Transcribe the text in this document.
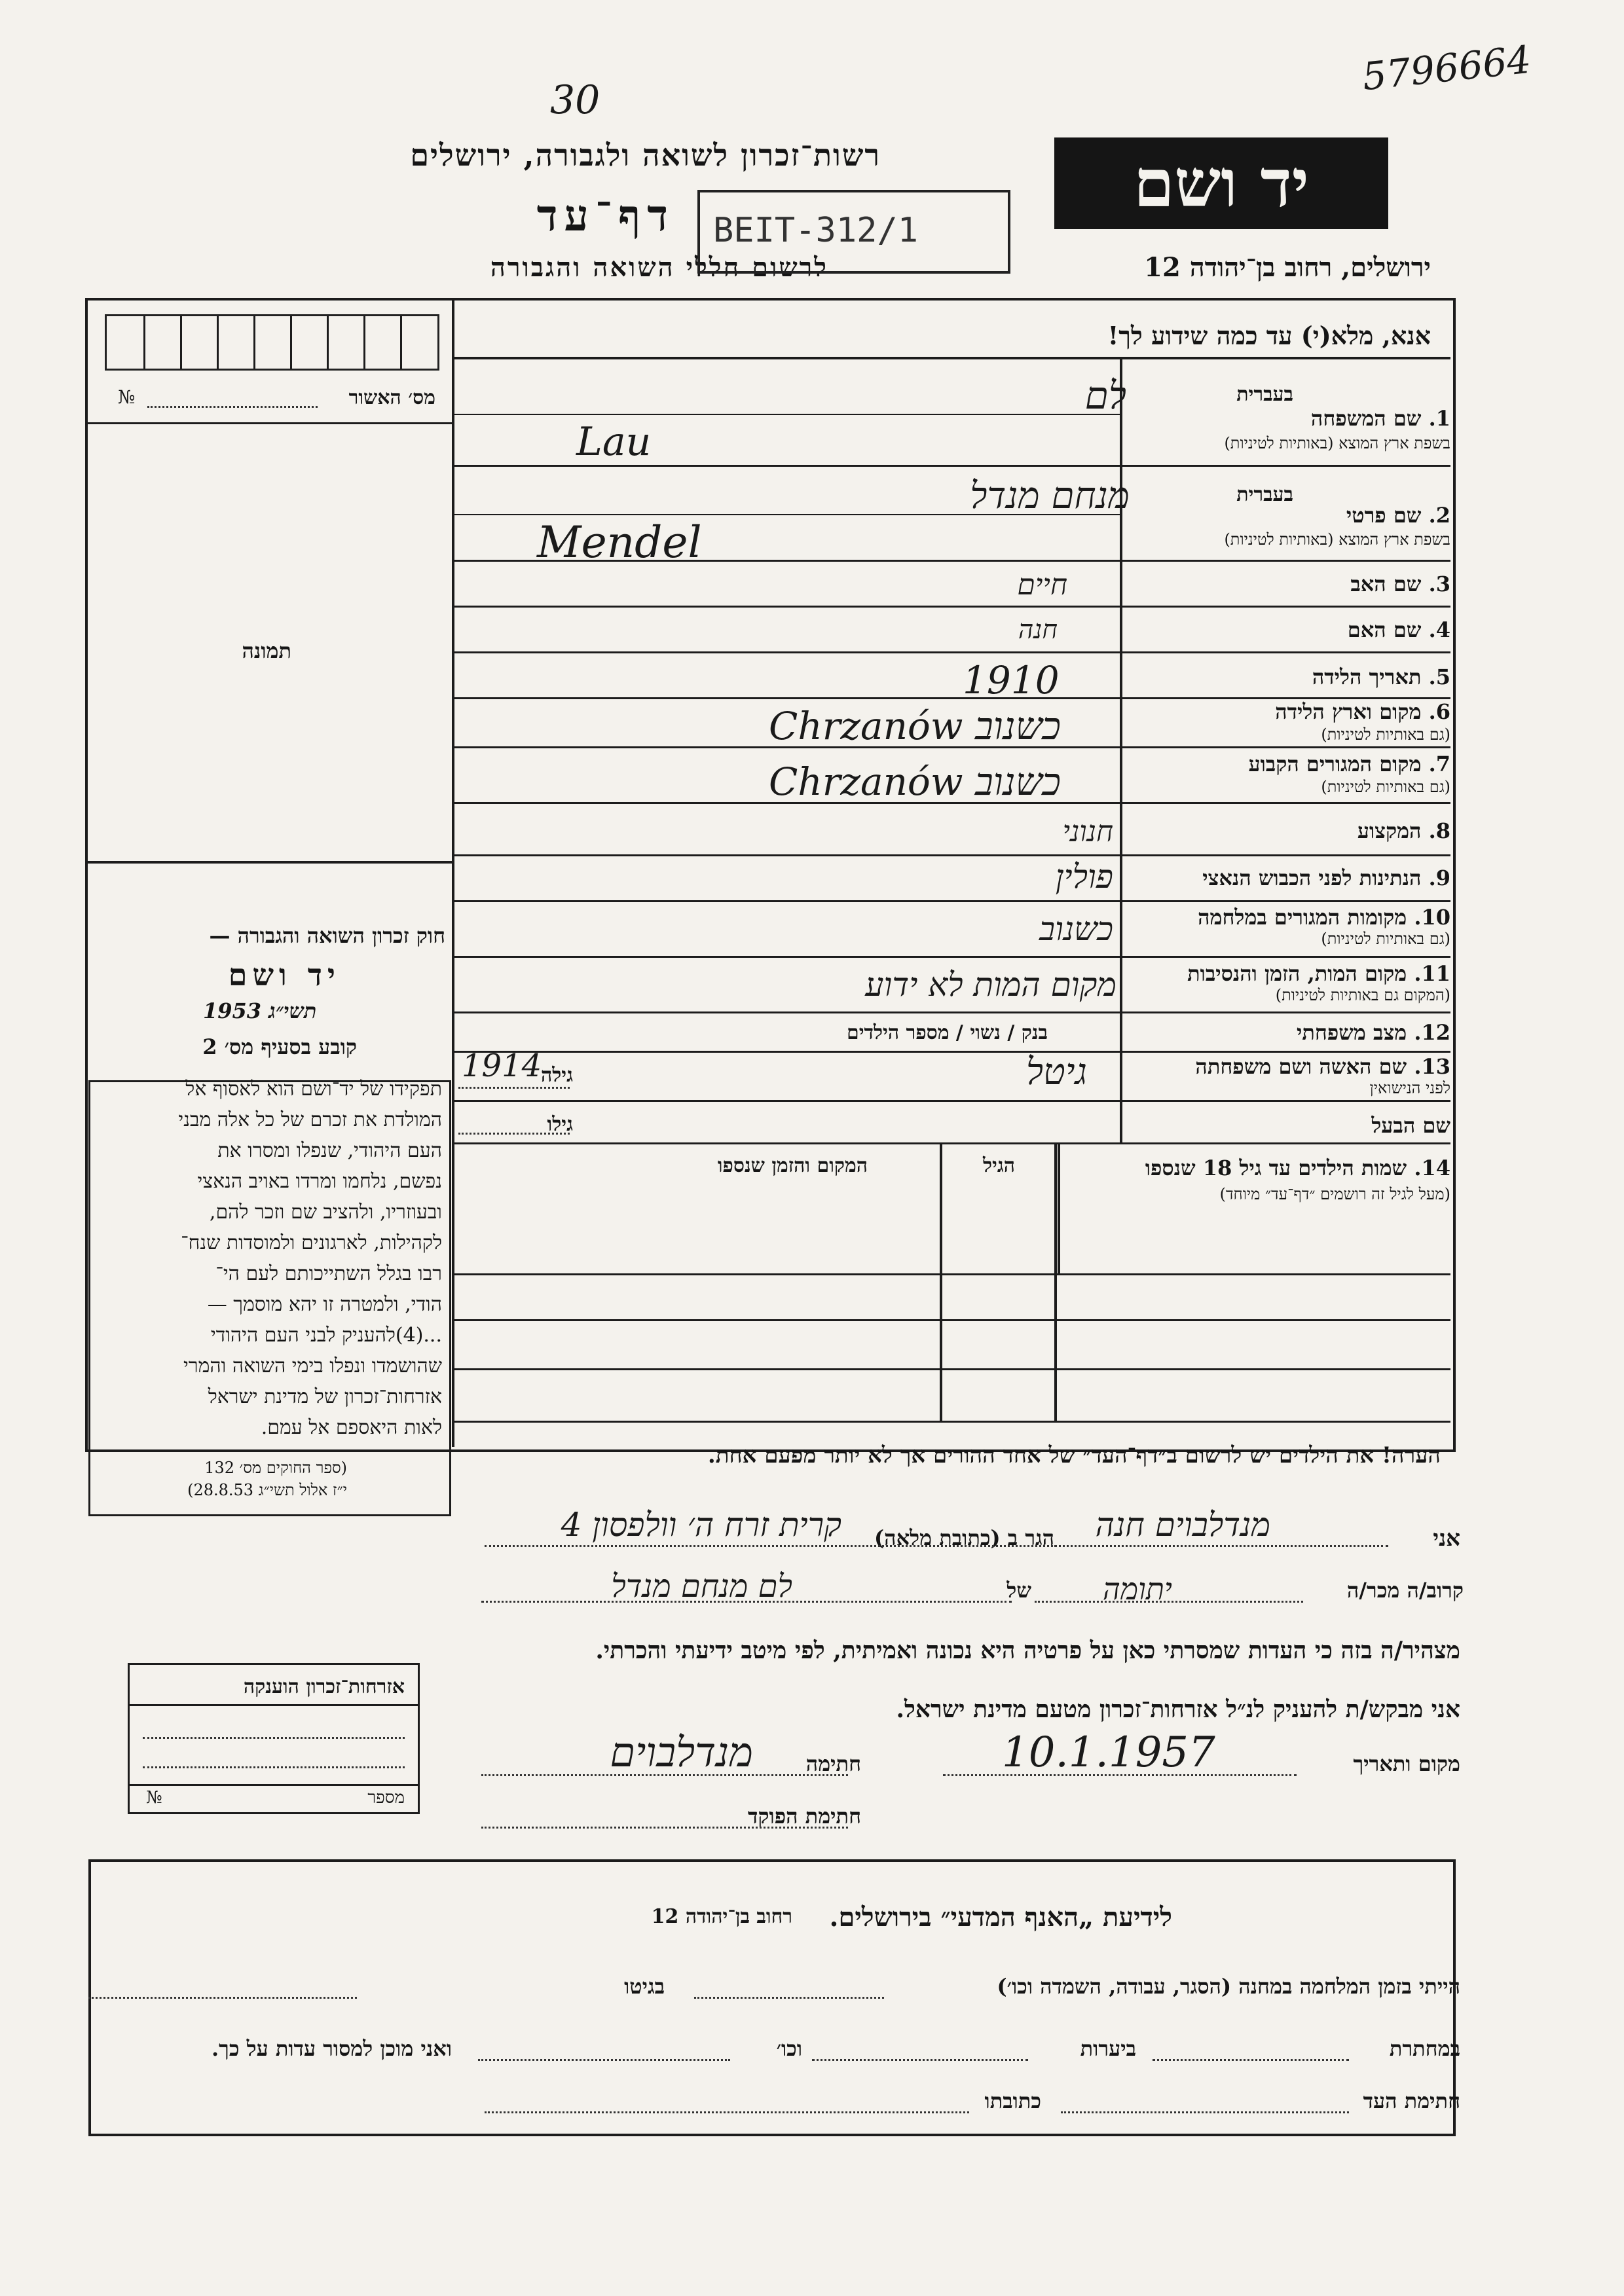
5796664
30
רשות־זכרון לשואה ולגבורה, ירושלים
דף־עד
לרשום חללי השואה והגבורה	ירושלים, רחוב בן־יהודה 12
BEIT-312/1
יד ושם
אנא, מלא(י) עד כמה שידוע לך!
מס׳ האשור
№
תמונה
חוק זכרון השואה והגבורה —
יד ושם
תשי״ג 1953
קובע בסעיף מס׳ 2
תפקידו של יד־ושם הוא לאסוף אל
המולדת את זכרם של כל אלה מבני
העם היהודי, שנפלו ומסרו את
נפשם, נלחמו ומרדו באויב הנאצי
ובעוזריו, ולהציב שם וזכר להם,
לקהילות, לארגונים ולמוסדות שנח־
רבו בגלל השתייכותם לעם הי־
הודי, ולמטרה זו יהא מוסמך —
...(4)להעניק לבני העם היהודי
שהושמדו ונפלו בימי השואה והמרי
אזרחות־זכרון של מדינת ישראל
לאות היאספם אל עמם.
(ספר החוקים מס׳ 132
י״ז אלול תשי״ג 28.8.53)
אזרחות־זכרון הוענקה
מספר
№
בעברית
1. שם המשפחה
בשפת ארץ המוצא (באותיות לטיניות)
לם
Lau
בעברית
2. שם פרטי
בשפת ארץ המוצא (באותיות לטיניות)
מנחם מנדל
Mendel
3. שם האב
חיים
4. שם האם
חנה
5. תאריך הלידה
1910
6. מקום וארץ הלידה
(גם באותיות לטיניות)
כשנוב Chrzanów
7. מקום המגורים הקבוע
(גם באותיות לטיניות)
כשנוב Chrzanów
8. המקצוע
חנוני
9. הנתינות לפני הכבוש הנאצי
פולין
10. מקומות המגורים במלחמה
(גם באותיות לטיניות)
כשנוב
11. מקום המות, הזמן והנסיבות
(המקום גם באותיות לטיניות)
מקום המות לא ידוע
12. מצב משפחתי
בנק / נשוי / מספר הילדים
13. שם האשה ושם משפחתה
לפני הנישואין
גיטל
גילה
1914
שם הבעל
גילו
14. שמות הילדים עד גיל 18 שנספו
(מעל לגיל זה רושמים ״דף־עד״ מיוחד)
הגיל
המקום והזמן שנספו
הערה! את הילדים יש לרשום ב״דף־העד״ של אחד ההורים אך לא יותר מפעם אחת.
אני
מנדלבוים חנה
הגר ב (כתובת מלאה)
קרית זרח ה׳ וולפסון 4
קרוב/ה מכר/ה
יתומה
של
לם מנחם מנדל
מצהיר/ה בזה כי העדות שמסרתי כאן על פרטיה היא נכונה ואמיתית, לפי מיטב ידיעתי והכרתי.
אני מבקש/ת להעניק לנ״ל אזרחות־זכרון מטעם מדינת ישראל.
מקום ותאריך
10.1.1957
חתימה
מנדלבוים
חתימת הפוקד
לידיעת „האנף המדעי״ בירושלים.
רחוב בן־יהודה 12
הייתי בזמן המלחמה במחנה (הסגר, עבודה, השמדה וכו׳)
בגיטו
במחתרת
ביערות
וכו׳
ואני מוכן למסור עדות על כך.
חתימת העד
כתובתו
